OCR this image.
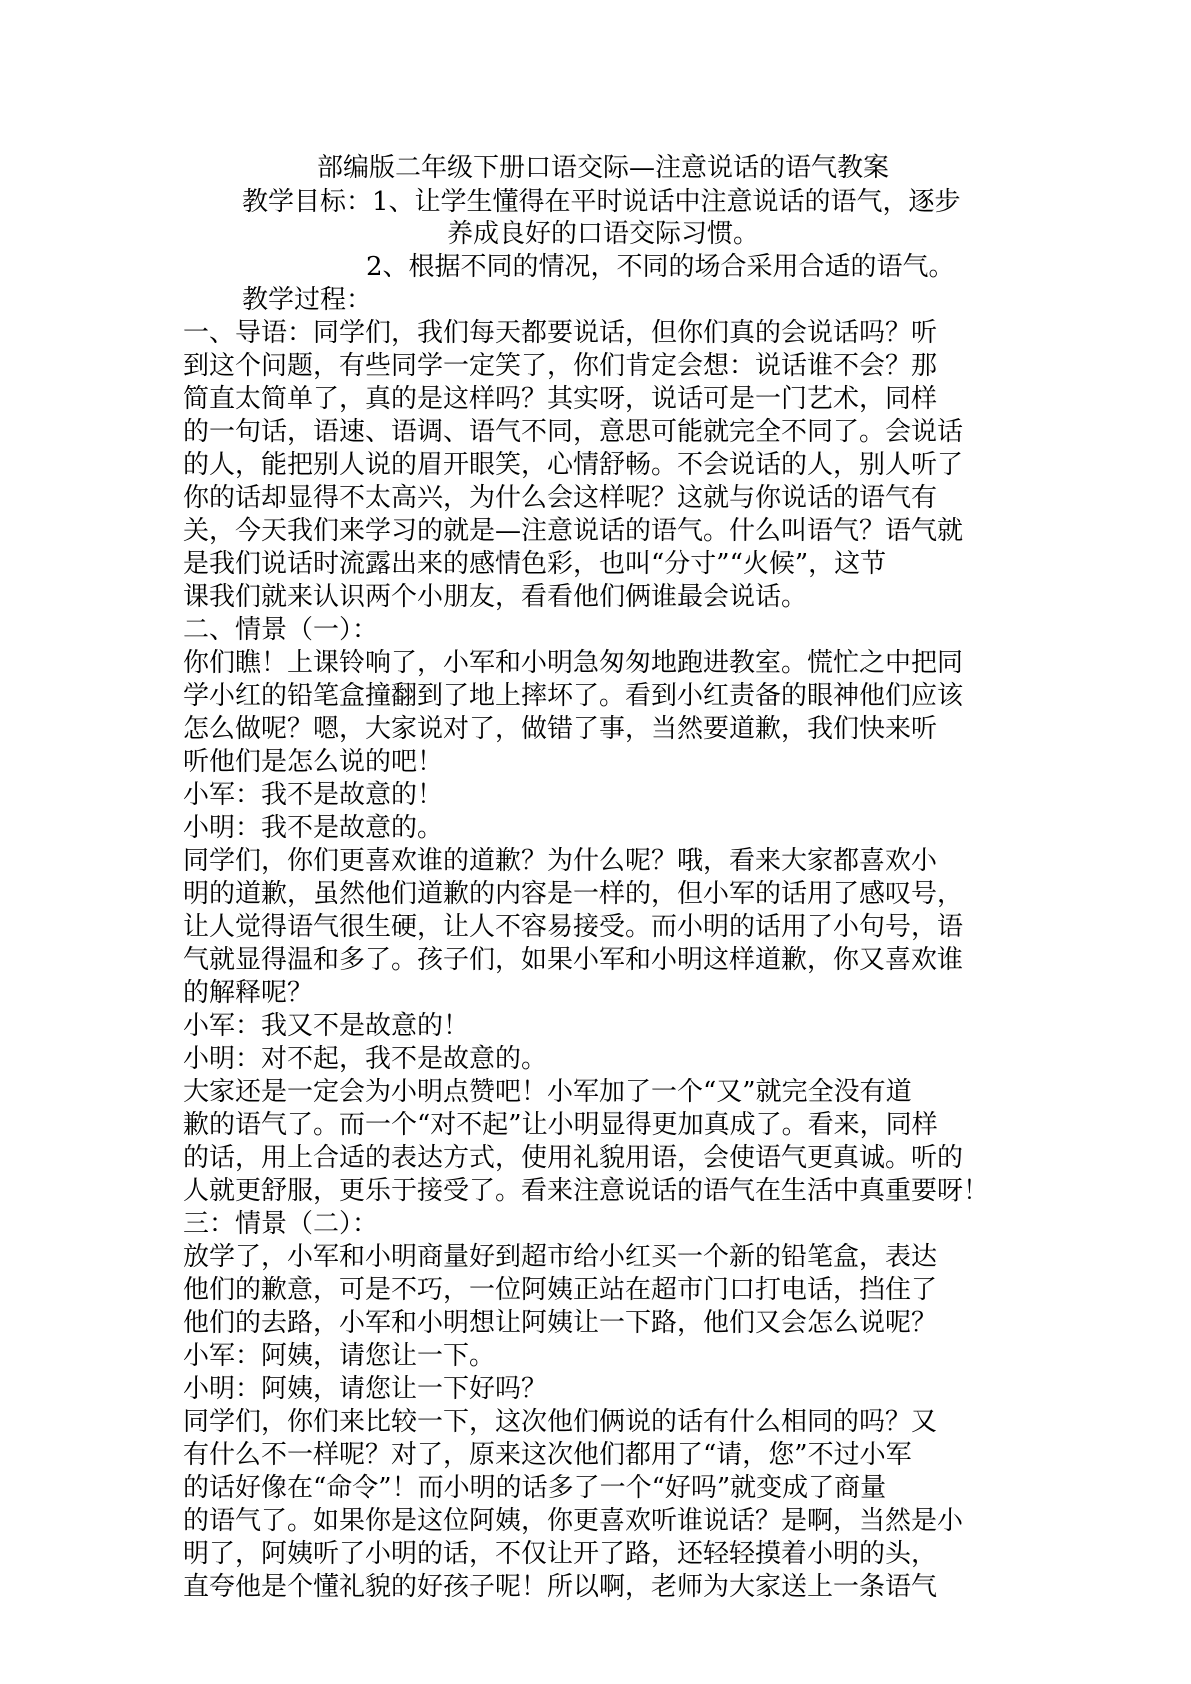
部编版二年级下册口语交际—注意说话的语气教案
教学目标：1、让学生懂得在平时说话中注意说话的语气，逐步
养成良好的口语交际习惯。
2、根据不同的情况，不同的场合采用合适的语气。
教学过程：
一、导语：同学们，我们每天都要说话，但你们真的会说话吗？听
到这个问题，有些同学一定笑了，你们肯定会想：说话谁不会？那
简直太简单了，真的是这样吗？其实呀，说话可是一门艺术，同样
的一句话，语速、语调、语气不同，意思可能就完全不同了。会说话
的人，能把别人说的眉开眼笑，心情舒畅。不会说话的人，别人听了
你的话却显得不太高兴，为什么会这样呢？这就与你说话的语气有
关，今天我们来学习的就是—注意说话的语气。什么叫语气？语气就
是我们说话时流露出来的感情色彩，也叫“分寸”“火候”，这节
课我们就来认识两个小朋友，看看他们俩谁最会说话。
二、情景（一）：
你们瞧！上课铃响了，小军和小明急匆匆地跑进教室。慌忙之中把同
学小红的铅笔盒撞翻到了地上摔坏了。看到小红责备的眼神他们应该
怎么做呢？嗯，大家说对了，做错了事，当然要道歉，我们快来听
听他们是怎么说的吧！
小军：我不是故意的！
小明：我不是故意的。
同学们，你们更喜欢谁的道歉？为什么呢？哦，看来大家都喜欢小
明的道歉，虽然他们道歉的内容是一样的，但小军的话用了感叹号，
让人觉得语气很生硬，让人不容易接受。而小明的话用了小句号，语
气就显得温和多了。孩子们，如果小军和小明这样道歉，你又喜欢谁
的解释呢？
小军：我又不是故意的！
小明：对不起，我不是故意的。
大家还是一定会为小明点赞吧！小军加了一个“又”就完全没有道
歉的语气了。而一个“对不起”让小明显得更加真成了。看来，同样
的话，用上合适的表达方式，使用礼貌用语，会使语气更真诚。听的
人就更舒服，更乐于接受了。看来注意说话的语气在生活中真重要呀！
三：情景（二）：
放学了，小军和小明商量好到超市给小红买一个新的铅笔盒，表达
他们的歉意，可是不巧，一位阿姨正站在超市门口打电话，挡住了
他们的去路，小军和小明想让阿姨让一下路，他们又会怎么说呢？
小军：阿姨，请您让一下。
小明：阿姨，请您让一下好吗？
同学们，你们来比较一下，这次他们俩说的话有什么相同的吗？又
有什么不一样呢？对了，原来这次他们都用了“请，您”不过小军
的话好像在“命令”！而小明的话多了一个“好吗”就变成了商量
的语气了。如果你是这位阿姨，你更喜欢听谁说话？是啊，当然是小
明了，阿姨听了小明的话，不仅让开了路，还轻轻摸着小明的头，
直夸他是个懂礼貌的好孩子呢！所以啊，老师为大家送上一条语气
